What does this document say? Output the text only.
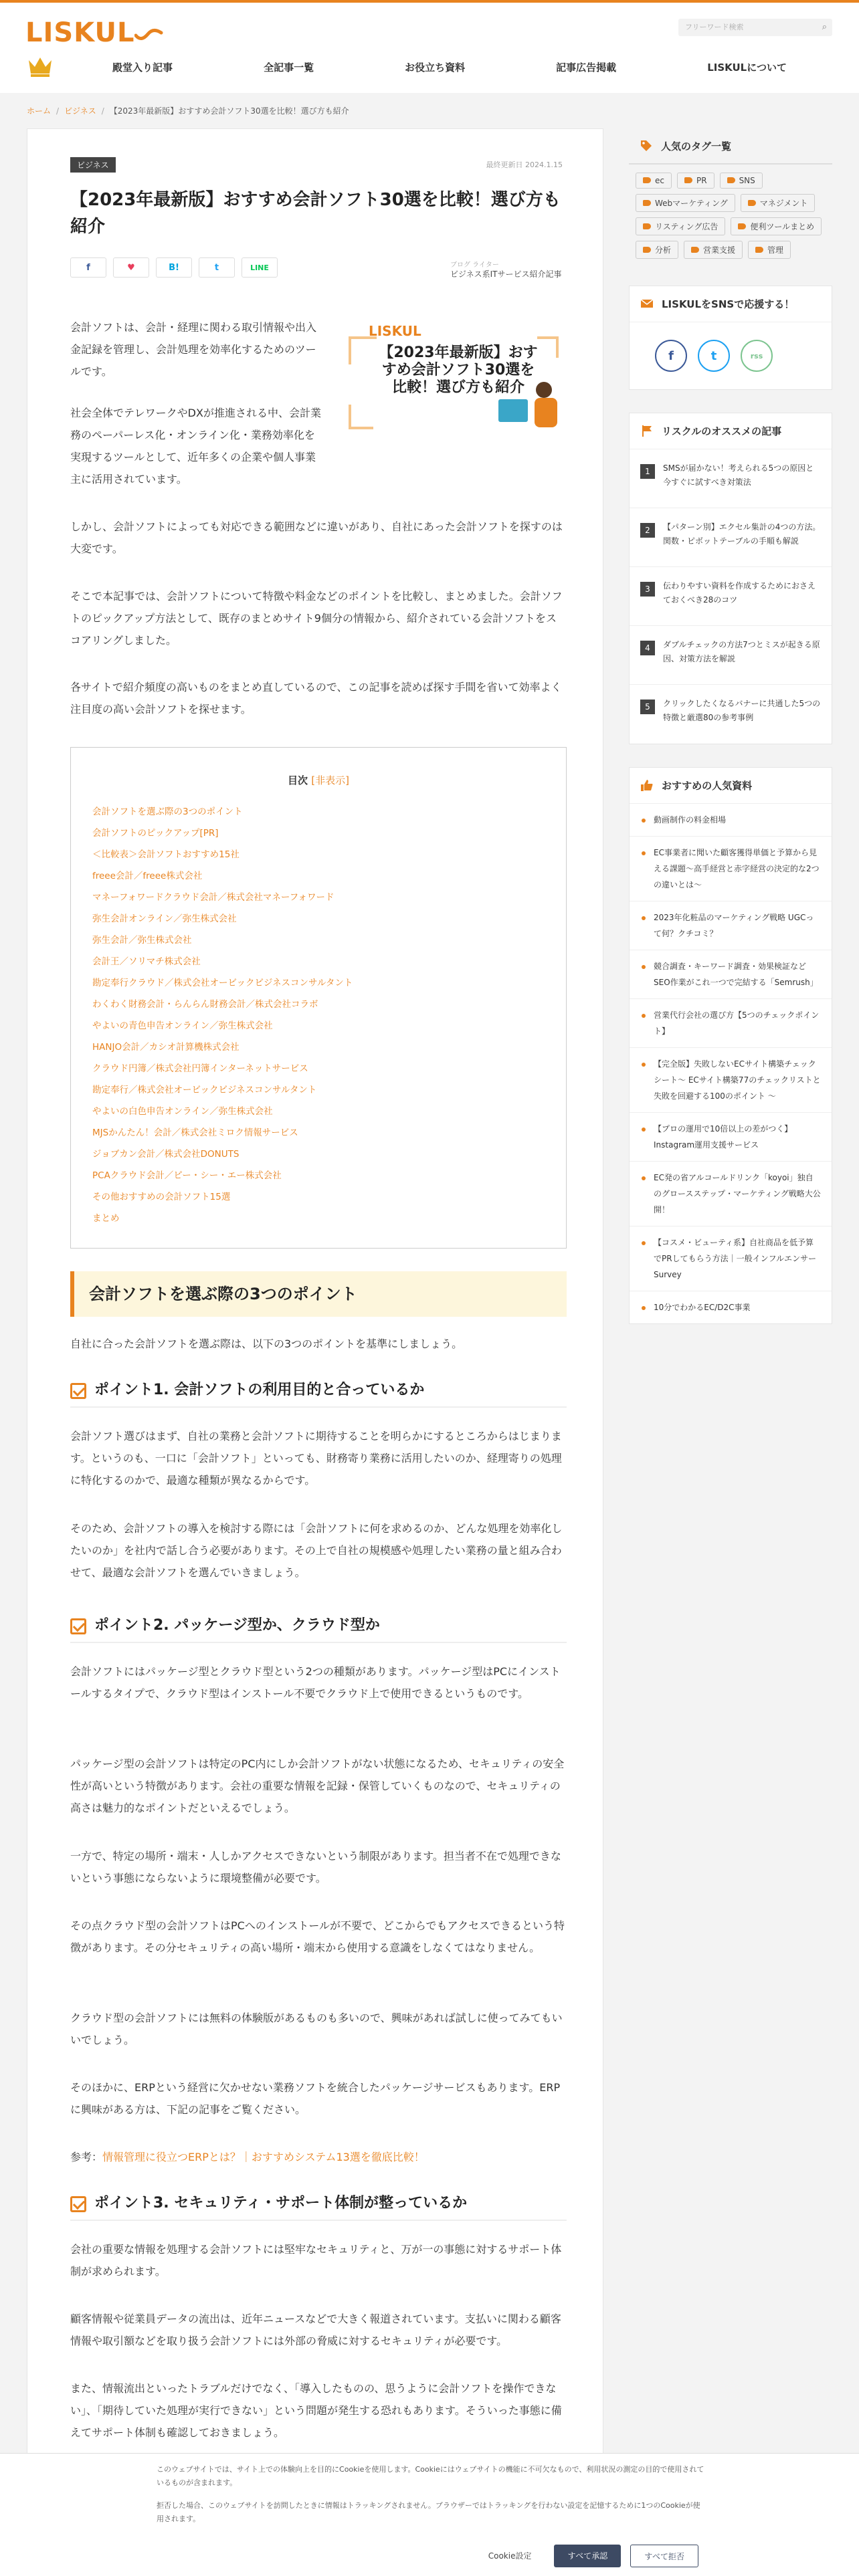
LISKUL	フリーワード検索	⌕
殿堂入り記事	全記事一覧	お役立ち資料	記事広告掲載	LISKULについて
ホーム / ビジネス / 【2023年最新版】おすすめ会計ソフト30選を比較！選び方も紹介
ビジネス	最終更新日 2024.1.15
【2023年最新版】おすすめ会計ソフト30選を比較！選び方も紹介
f	♥	B!	t	LINE	ブログ ライター
ビジネス系ITサービス紹介記事
LISKUL
【2023年最新版】おすすめ会計ソフト30選を比較！選び方も紹介

会計ソフトは、会計・経理に関わる取引情報や出入金記録を管理し、会計処理を効率化するためのツールです。

社会全体でテレワークやDXが推進される中、会計業務のペーパーレス化・オンライン化・業務効率化を実現するツールとして、近年多くの企業や個人事業主に活用されています。

しかし、会計ソフトによっても対応できる範囲などに違いがあり、自社にあった会計ソフトを探すのは大変です。

そこで本記事では、会計ソフトについて特徴や料金などのポイントを比較し、まとめました。会計ソフトのピックアップ方法として、既存のまとめサイト9個分の情報から、紹介されている会計ソフトをスコアリングしました。

各サイトで紹介頻度の高いものをまとめ直しているので、この記事を読めば探す手間を省いて効率よく注目度の高い会計ソフトを探せます。

目次 [非表示]
会計ソフトを選ぶ際の3つのポイント
会計ソフトのピックアップ[PR]
＜比較表＞会計ソフトおすすめ15社
freee会計／freee株式会社
マネーフォワードクラウド会計／株式会社マネーフォワード
弥生会計オンライン／弥生株式会社
弥生会計／弥生株式会社
会計王／ソリマチ株式会社
勘定奉行クラウド／株式会社オービックビジネスコンサルタント
わくわく財務会計・らんらん財務会計／株式会社コラボ
やよいの青色申告オンライン／弥生株式会社
HANJO会計／カシオ計算機株式会社
クラウド円簿／株式会社円簿インターネットサービス
勘定奉行／株式会社オービックビジネスコンサルタント
やよいの白色申告オンライン／弥生株式会社
MJSかんたん！会計／株式会社ミロク情報サービス
ジョブカン会計／株式会社DONUTS
PCAクラウド会計／ピー・シー・エー株式会社
その他おすすめの会計ソフト15選
まとめ
会計ソフトを選ぶ際の3つのポイント

自社に合った会計ソフトを選ぶ際は、以下の3つのポイントを基準にしましょう。

ポイント1. 会計ソフトの利用目的と合っているか

会計ソフト選びはまず、自社の業務と会計ソフトに期待することを明らかにするところからはじまります。というのも、一口に「会計ソフト」といっても、財務寄り業務に活用したいのか、経理寄りの処理に特化するのかで、最適な種類が異なるからです。

そのため、会計ソフトの導入を検討する際には「会計ソフトに何を求めるのか、どんな処理を効率化したいのか」を社内で話し合う必要があります。その上で自社の規模感や処理したい業務の量と組み合わせて、最適な会計ソフトを選んでいきましょう。

ポイント2. パッケージ型か、クラウド型か

会計ソフトにはパッケージ型とクラウド型という2つの種類があります。パッケージ型はPCにインストールするタイプで、クラウド型はインストール不要でクラウド上で使用できるというものです。

パッケージ型の会計ソフトは特定のPC内にしか会計ソフトがない状態になるため、セキュリティの安全性が高いという特徴があります。会社の重要な情報を記録・保管していくものなので、セキュリティの高さは魅力的なポイントだといえるでしょう。

一方で、特定の場所・端末・人しかアクセスできないという制限があります。担当者不在で処理できないという事態にならないように環境整備が必要です。

その点クラウド型の会計ソフトはPCへのインストールが不要で、どこからでもアクセスできるという特徴があります。その分セキュリティの高い場所・端末から使用する意識をしなくてはなりません。

クラウド型の会計ソフトには無料の体験版があるものも多いので、興味があれば試しに使ってみてもいいでしょう。

そのほかに、ERPという経営に欠かせない業務ソフトを統合したパッケージサービスもあります。ERPに興味がある方は、下記の記事をご覧ください。

参考：情報管理に役立つERPとは？｜おすすめシステム13選を徹底比較！

ポイント3. セキュリティ・サポート体制が整っているか

会社の重要な情報を処理する会計ソフトには堅牢なセキュリティと、万が一の事態に対するサポート体制が求められます。

顧客情報や従業員データの流出は、近年ニュースなどで大きく報道されています。支払いに関わる顧客情報や取引額などを取り扱う会計ソフトには外部の脅威に対するセキュリティが必要です。

また、情報流出といったトラブルだけでなく、「導入したものの、思うように会計ソフトを操作できない」、「期待していた処理が実行できない」という問題が発生する恐れもあります。そういった事態に備えてサポート体制も確認しておきましょう。

人気のタグ一覧
ec	PR	SNS
Webマーケティング	マネジメント
リスティング広告	便利ツールまとめ
分析	営業支援	管理
LISKULをSNSで応援する！
f	t	rss
リスクルのオススメの記事
1	SMSが届かない！考えられる5つの原因と今すぐに試すべき対策法
2	【パターン別】エクセル集計の4つの方法。関数・ピボットテーブルの手順も解説
3	伝わりやすい資料を作成するためにおさえておくべき28のコツ
4	ダブルチェックの方法7つとミスが起きる原因、対策方法を解説
5	クリックしたくなるバナーに共通した5つの特徴と厳選80の参考事例
おすすめの人気資料
動画制作の料金相場
EC事業者に聞いた顧客獲得単価と予算から見える課題〜高手経営と赤字経営の決定的な2つの違いとは〜
2023年化粧品のマーケティング戦略 UGCって何？クチコミ？
競合調査・キーワード調査・効果検証などSEO作業がこれ一つで完結する「Semrush」
営業代行会社の選び方【5つのチェックポイント】
【完全版】失敗しないECサイト構築チェックシート〜 ECサイト構築77のチェックリストと失敗を回避する100のポイント 〜
【プロの運用で10倍以上の差がつく】Instagram運用支援サービス
EC発の省アルコールドリンク「koyoi」独自のグロースステップ・マーケティング戦略大公開！
【コスメ・ビューティ系】自社商品を低予算でPRしてもらう方法｜一般インフルエンサーSurvey
10分でわかるEC/D2C事業

このウェブサイトでは、サイト上での体験向上を目的にCookieを使用します。Cookieにはウェブサイトの機能に不可欠なもので、利用状況の測定の目的で使用されているものが含まれます。

拒否した場合、このウェブサイトを訪問したときに情報はトラッキングされません。ブラウザーではトラッキングを行わない設定を記憶するために1つのCookieが使用されます。

Cookie設定	すべて承認	すべて拒否
